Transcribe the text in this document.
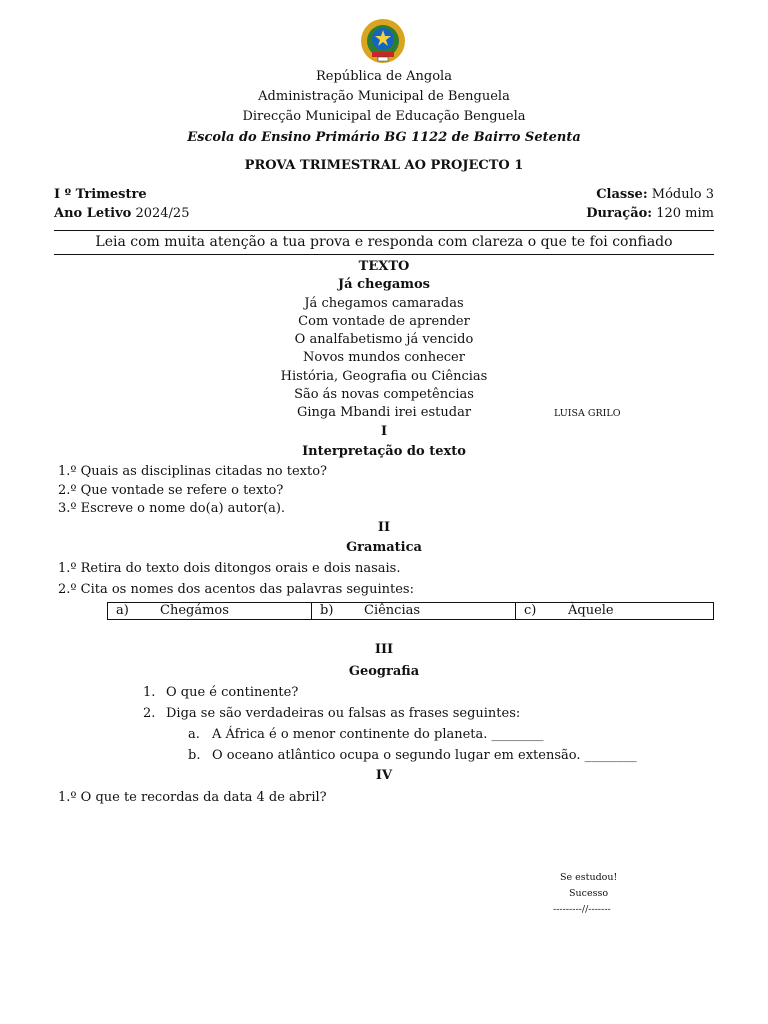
República de Angola
Administração Municipal de Benguela
Direcção Municipal de Educação Benguela
Escola do Ensino Primário BG 1122 de Bairro Setenta
PROVA TRIMESTRAL AO PROJECTO 1
I º Trimestre
Ano Letivo 2024/25
Classe: Módulo 3
Duração: 120 mim
Leia com muita atenção a tua prova e responda com clareza o que te foi confiado
TEXTO
Já chegamos
Já chegamos camaradas
Com vontade de aprender
O analfabetismo já vencido
Novos mundos conhecer
História, Geografia ou Ciências
São ás novas competências
Ginga Mbandi irei estudar	LUISA GRILO
I
Interpretação do texto
1.º Quais as disciplinas citadas no texto?
2.º Que vontade se refere o texto?
3.º Escreve o nome do(a) autor(a).
II
Gramatica
1.º Retira do texto dois ditongos orais e dois nasais.
2.º Cita os nomes dos acentos das palavras seguintes:
a) Chegámos	b) Ciências	c) Àquele
III
Geografia
1. O que é continente?
2. Diga se são verdadeiras ou falsas as frases seguintes:
a. A África é o menor continente do planeta. ________
b. O oceano atlântico ocupa o segundo lugar em extensão. ________
IV
1.º O que te recordas da data 4 de abril?
Se estudou!
Sucesso
---------//-------
